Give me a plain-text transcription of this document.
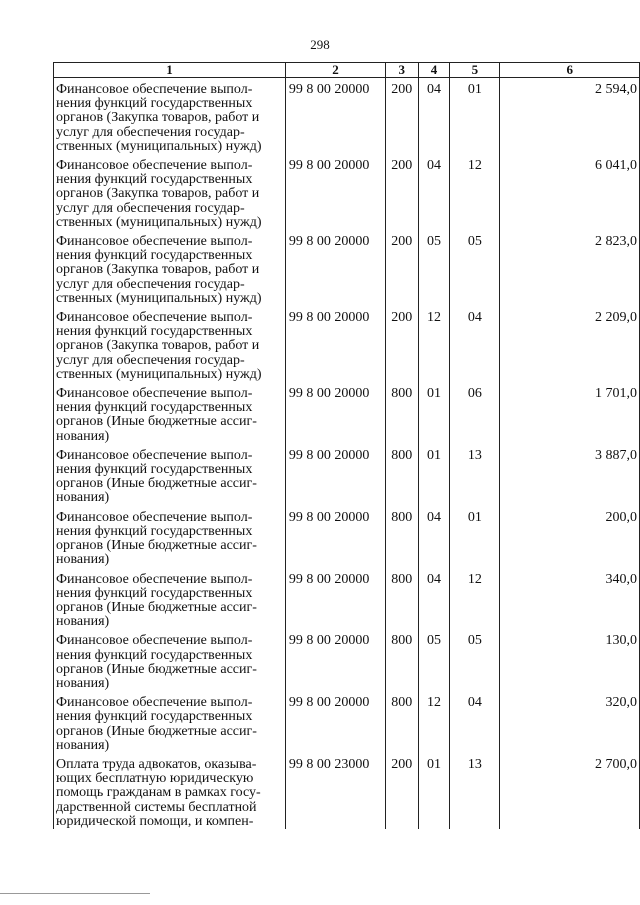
298
1	2	3	4	5	6

Финансовое обеспечение выпол-
нения функций государственных
органов (Закупка товаров, работ и
услуг для обеспечения государ-
ственных (муниципальных) нужд)	99 8 00 20000	200	04	01	2 594,0

Финансовое обеспечение выпол-
нения функций государственных
органов (Закупка товаров, работ и
услуг для обеспечения государ-
ственных (муниципальных) нужд)	99 8 00 20000	200	04	12	6 041,0

Финансовое обеспечение выпол-
нения функций государственных
органов (Закупка товаров, работ и
услуг для обеспечения государ-
ственных (муниципальных) нужд)	99 8 00 20000	200	05	05	2 823,0

Финансовое обеспечение выпол-
нения функций государственных
органов (Закупка товаров, работ и
услуг для обеспечения государ-
ственных (муниципальных) нужд)	99 8 00 20000	200	12	04	2 209,0

Финансовое обеспечение выпол-
нения функций государственных
органов (Иные бюджетные ассиг-
нования)	99 8 00 20000	800	01	06	1 701,0

Финансовое обеспечение выпол-
нения функций государственных
органов (Иные бюджетные ассиг-
нования)	99 8 00 20000	800	01	13	3 887,0

Финансовое обеспечение выпол-
нения функций государственных
органов (Иные бюджетные ассиг-
нования)	99 8 00 20000	800	04	01	200,0

Финансовое обеспечение выпол-
нения функций государственных
органов (Иные бюджетные ассиг-
нования)	99 8 00 20000	800	04	12	340,0

Финансовое обеспечение выпол-
нения функций государственных
органов (Иные бюджетные ассиг-
нования)	99 8 00 20000	800	05	05	130,0

Финансовое обеспечение выпол-
нения функций государственных
органов (Иные бюджетные ассиг-
нования)	99 8 00 20000	800	12	04	320,0

Оплата труда адвокатов, оказыва-
ющих бесплатную юридическую
помощь гражданам в рамках госу-
дарственной системы бесплатной
юридической помощи, и компен-	99 8 00 23000	200	01	13	2 700,0
